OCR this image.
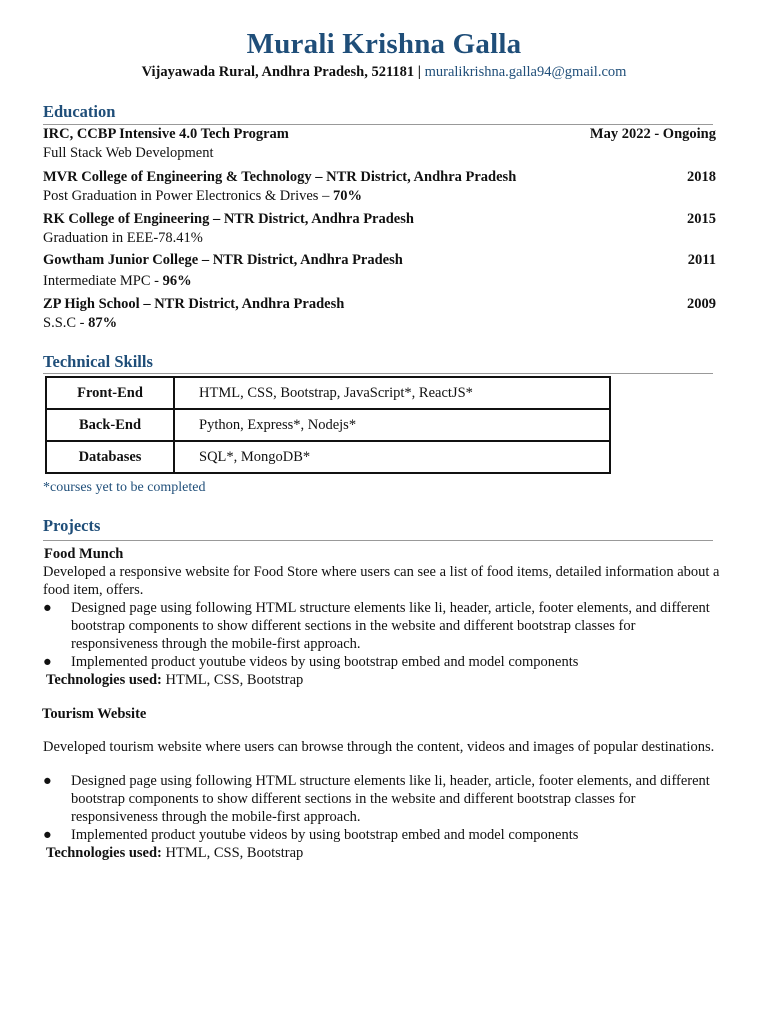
Murali Krishna Galla
Vijayawada Rural, Andhra Pradesh, 521181 | muralikrishna.galla94@gmail.com
Education
IRC, CCBP Intensive 4.0 Tech Program	May 2022 - Ongoing
Full Stack Web Development
MVR College of Engineering & Technology – NTR District, Andhra Pradesh	2018
Post Graduation in Power Electronics & Drives – 70%
RK College of Engineering – NTR District, Andhra Pradesh	2015
Graduation in EEE-78.41%
Gowtham Junior College – NTR District, Andhra Pradesh	2011
Intermediate MPC - 96%
ZP High School – NTR District, Andhra Pradesh	2009
S.S.C - 87%
Technical Skills
Front-End	HTML, CSS, Bootstrap, JavaScript*, ReactJS*
Back-End	Python, Express*, Nodejs*
Databases	SQL*, MongoDB*
*courses yet to be completed
Projects
Food Munch
Developed a responsive website for Food Store where users can see a list of food items, detailed information about a food item, offers.
● Designed page using following HTML structure elements like li, header, article, footer elements, and different bootstrap components to show different sections in the website and different bootstrap classes for responsiveness through the mobile-first approach.
● Implemented product youtube videos by using bootstrap embed and model components
Technologies used: HTML, CSS, Bootstrap
Tourism Website
Developed tourism website where users can browse through the content, videos and images of popular destinations.
● Designed page using following HTML structure elements like li, header, article, footer elements, and different bootstrap components to show different sections in the website and different bootstrap classes for responsiveness through the mobile-first approach.
● Implemented product youtube videos by using bootstrap embed and model components
Technologies used: HTML, CSS, Bootstrap
